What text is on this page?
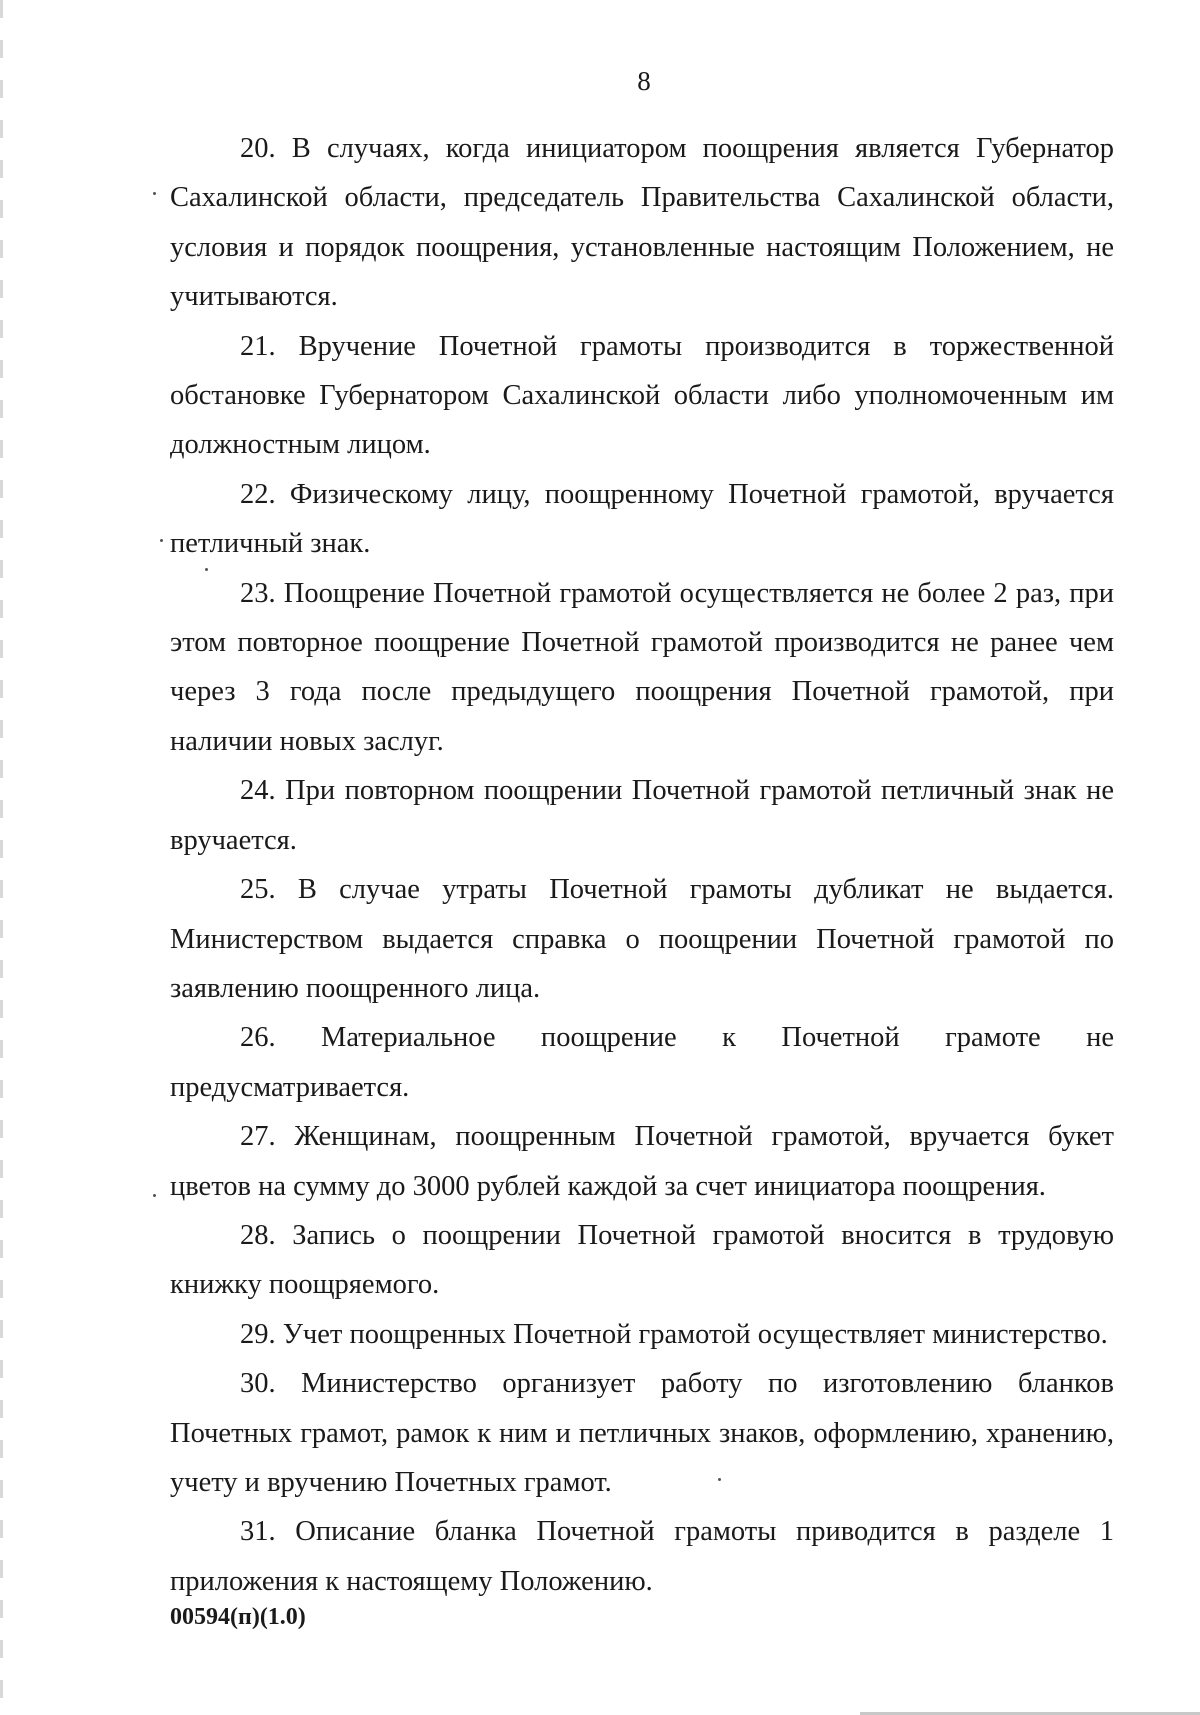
8

20. В случаях, когда инициатором поощрения является Губернатор Сахалинской области, председатель Правительства Сахалинской области, условия и порядок поощрения, установленные настоящим Положением, не учитываются.

21. Вручение Почетной грамоты производится в торжественной обстановке Губернатором Сахалинской области либо уполномоченным им должностным лицом.

22. Физическому лицу, поощренному Почетной грамотой, вручается петличный знак.

23. Поощрение Почетной грамотой осуществляется не более 2 раз, при этом повторное поощрение Почетной грамотой производится не ранее чем через 3 года после предыдущего поощрения Почетной грамотой, при наличии новых заслуг.

24. При повторном поощрении Почетной грамотой петличный знак не вручается.

25. В случае утраты Почетной грамоты дубликат не выдается. Министерством выдается справка о поощрении Почетной грамотой по заявлению поощренного лица.

26. Материальное поощрение к Почетной грамоте не предусматривается.

27. Женщинам, поощренным Почетной грамотой, вручается букет цветов на сумму до 3000 рублей каждой за счет инициатора поощрения.

28. Запись о поощрении Почетной грамотой вносится в трудовую книжку поощряемого.

29. Учет поощренных Почетной грамотой осуществляет министерство.

30. Министерство организует работу по изготовлению бланков Почетных грамот, рамок к ним и петличных знаков, оформлению, хранению, учету и вручению Почетных грамот.

31. Описание бланка Почетной грамоты приводится в разделе 1 приложения к настоящему Положению.

00594(п)(1.0)
